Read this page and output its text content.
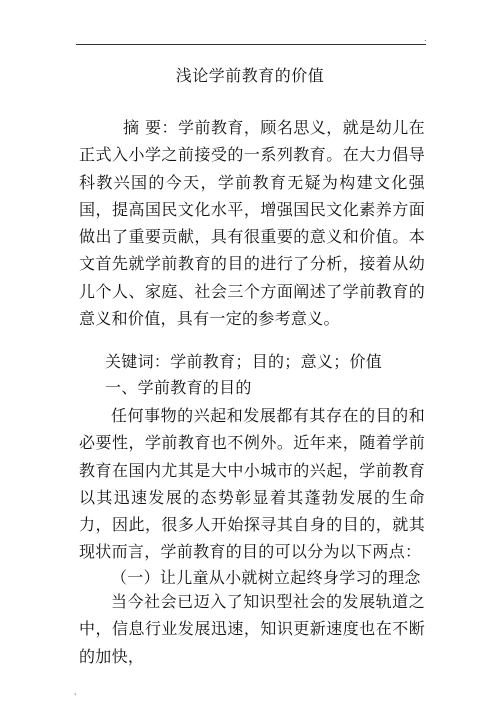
.
浅论学前教育的价值

摘 要：学前教育，顾名思义，就是幼儿在正式入小学之前接受的一系列教育。在大力倡导科教兴国的今天，学前教育无疑为构建文化强国，提高国民文化水平，增强国民文化素养方面做出了重要贡献，具有很重要的意义和价值。本文首先就学前教育的目的进行了分析，接着从幼儿个人、家庭、社会三个方面阐述了学前教育的意义和价值，具有一定的参考意义。

关键词：学前教育；目的；意义；价值

一、学前教育的目的

任何事物的兴起和发展都有其存在的目的和必要性，学前教育也不例外。近年来，随着学前教育在国内尤其是大中小城市的兴起，学前教育以其迅速发展的态势彰显着其蓬勃发展的生命力，因此，很多人开始探寻其自身的目的，就其现状而言，学前教育的目的可以分为以下两点：

（一）让儿童从小就树立起终身学习的理念

当今社会已迈入了知识型社会的发展轨道之中，信息行业发展迅速，知识更新速度也在不断的加快，

'
